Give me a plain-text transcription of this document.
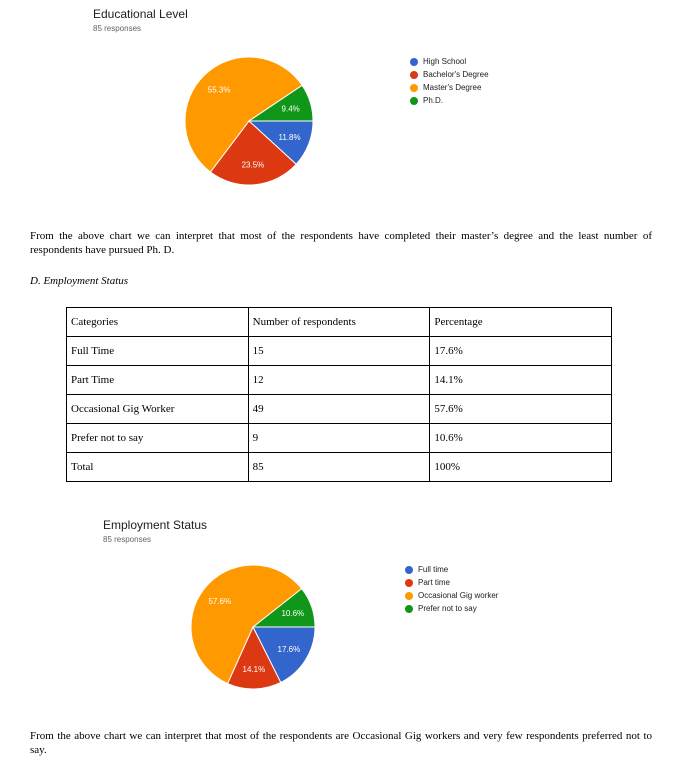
Educational Level
85 responses
11.8%
23.5%
55.3%
9.4%
High School
Bachelor's Degree
Master's Degree
Ph.D.
From the above chart we can interpret that most of the respondents have completed their master’s degree and the least number of respondents have pursued Ph. D.
D. Employment Status
Categories	Number of respondents	Percentage
Full Time	15	17.6%
Part Time	12	14.1%
Occasional Gig Worker	49	57.6%
Prefer not to say	9	10.6%
Total	85	100%
Employment Status
85 responses
17.6%
14.1%
57.6%
10.6%
Full time
Part time
Occasional Gig worker
Prefer not to say
From the above chart we can interpret that most of the respondents are Occasional Gig workers and very few respondents preferred not to say.
